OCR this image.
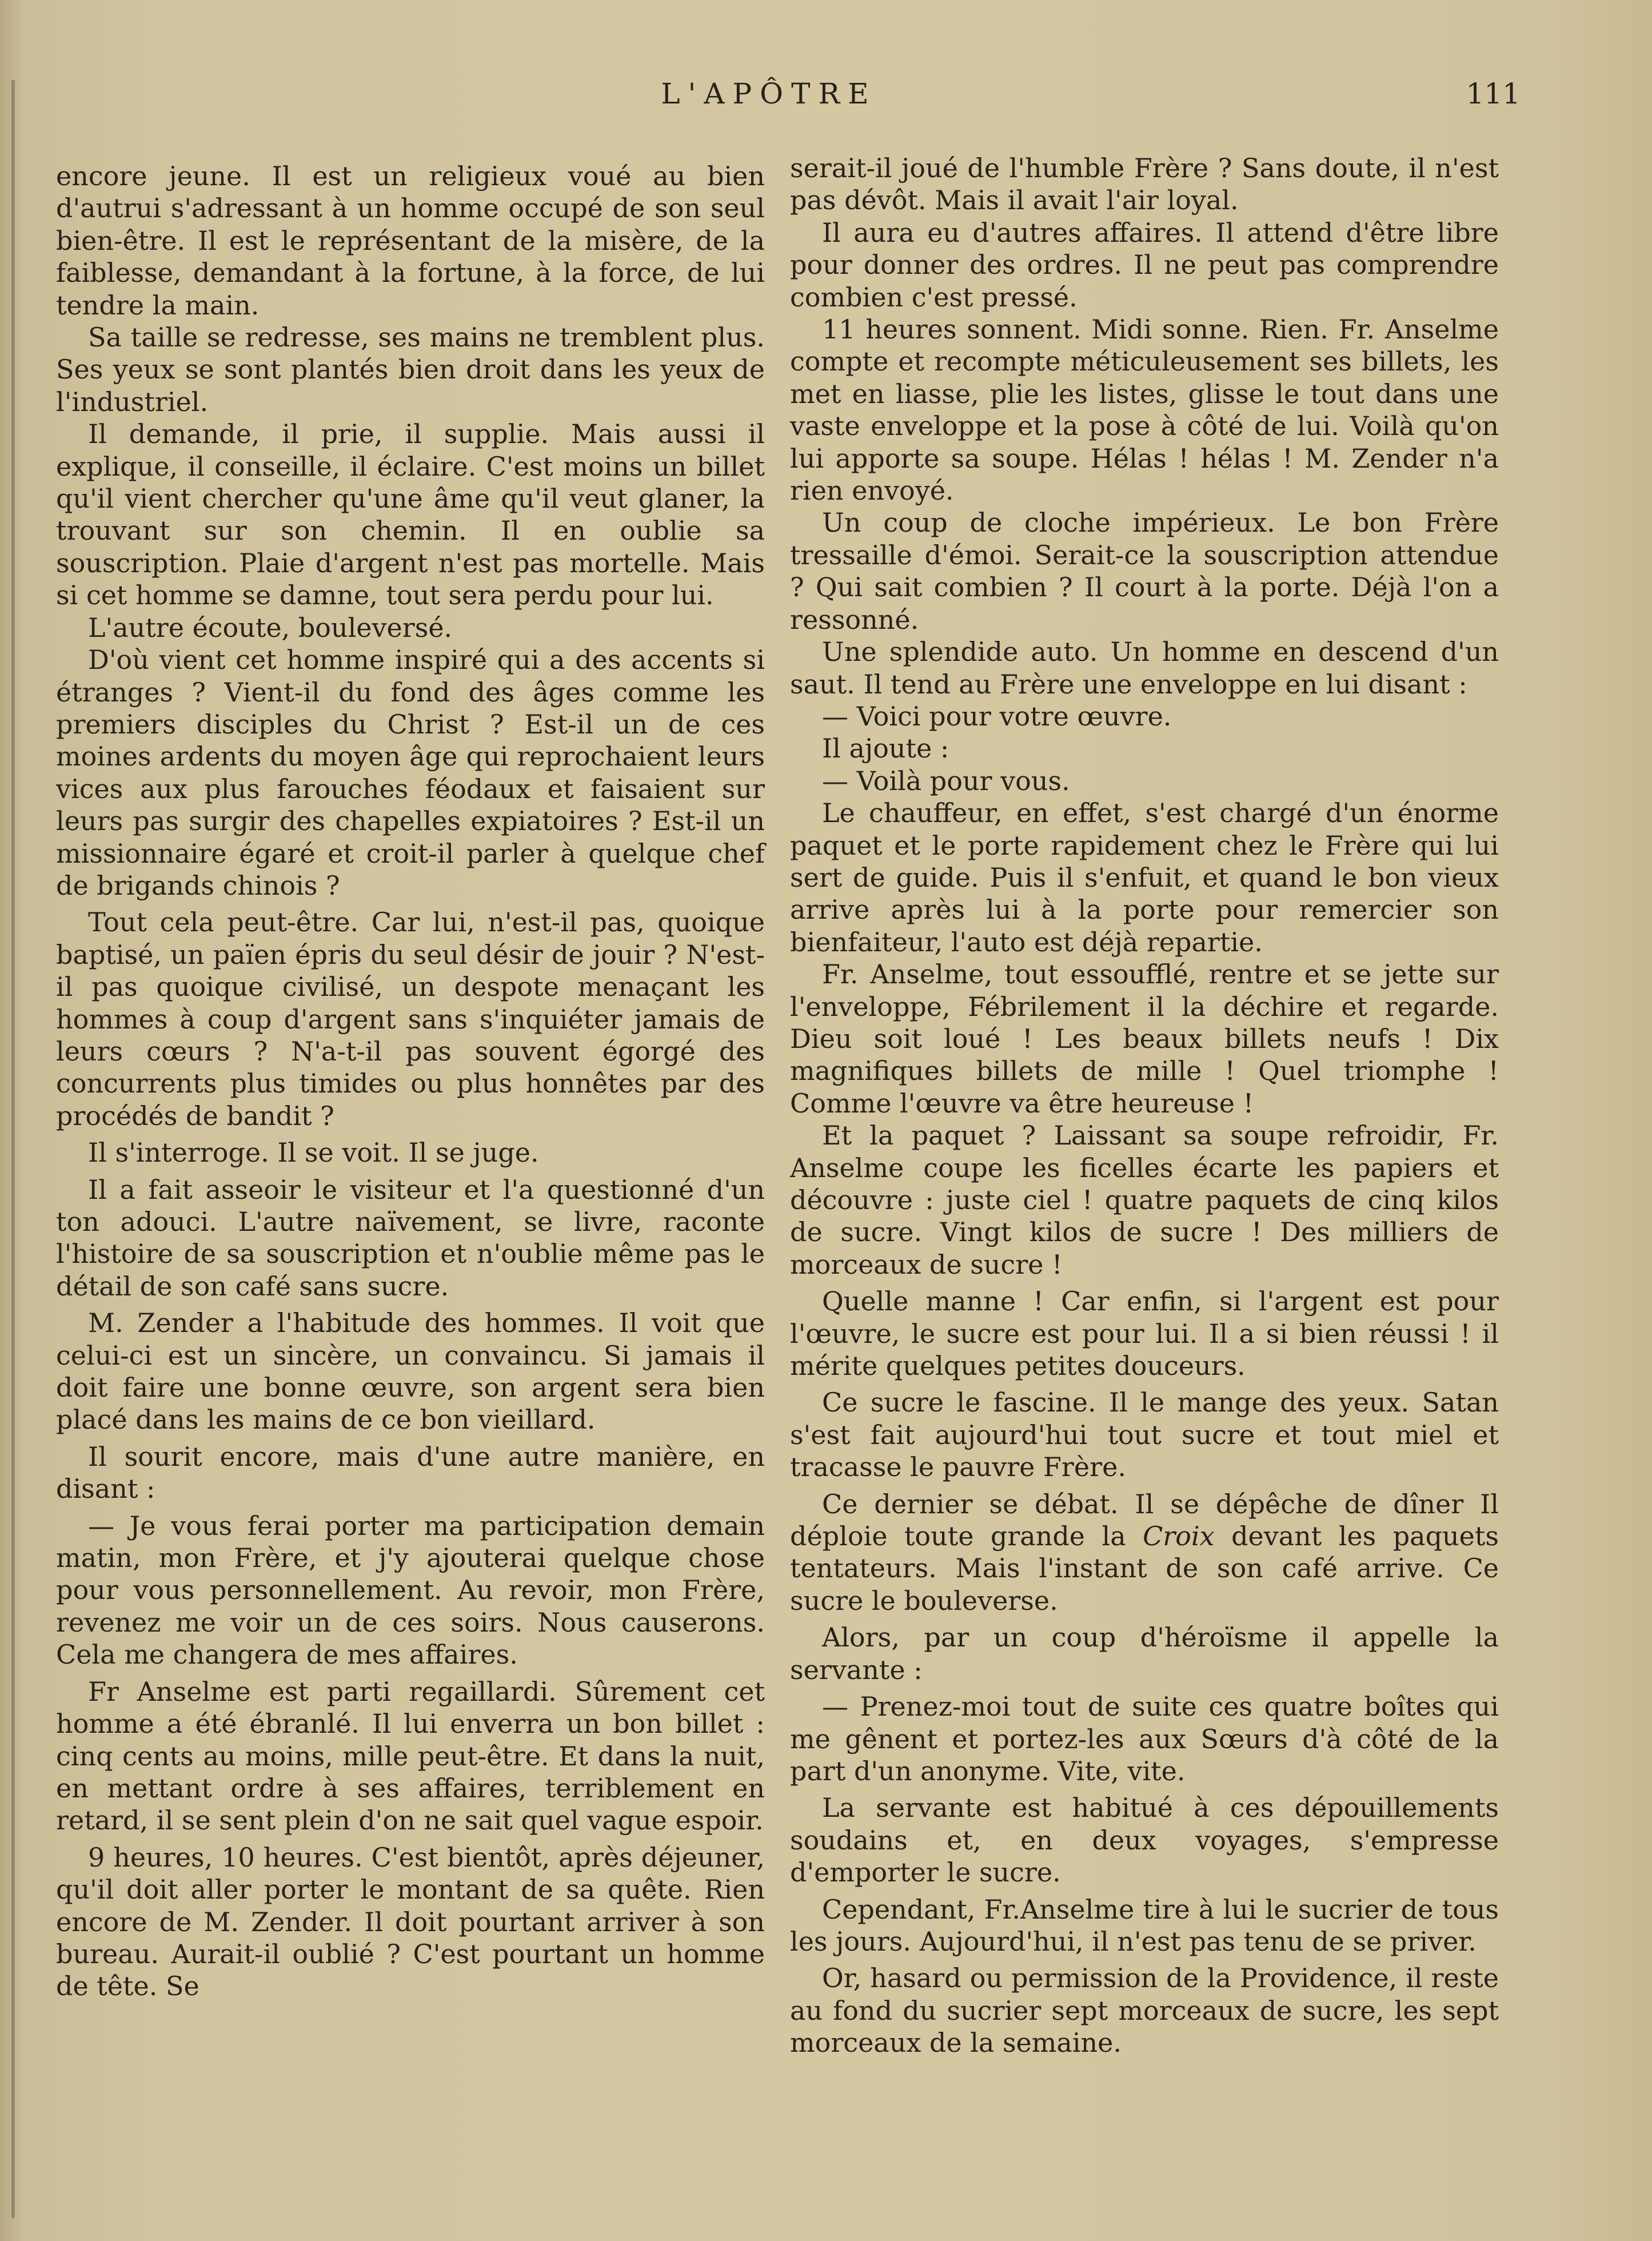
L'APÔTRE	111

encore jeune. Il est un religieux voué au bien d'autrui s'adressant à un homme occupé de son seul bien-être. Il est le représentant de la misère, de la faiblesse, demandant à la fortune, à la force, de lui tendre la main.

Sa taille se redresse, ses mains ne tremblent plus. Ses yeux se sont plantés bien droit dans les yeux de l'industriel.

Il demande, il prie, il supplie. Mais aussi il explique, il conseille, il éclaire. C'est moins un billet qu'il vient chercher qu'une âme qu'il veut glaner, la trouvant sur son chemin. Il en oublie sa souscription. Plaie d'argent n'est pas mortelle. Mais si cet homme se damne, tout sera perdu pour lui.

L'autre écoute, bouleversé.

D'où vient cet homme inspiré qui a des accents si étranges ? Vient-il du fond des âges comme les premiers disciples du Christ ? Est-il un de ces moines ardents du moyen âge qui reprochaient leurs vices aux plus farouches féodaux et faisaient sur leurs pas surgir des chapelles expiatoires ? Est-il un missionnaire égaré et croit-il parler à quelque chef de brigands chinois ?

Tout cela peut-être. Car lui, n'est-il pas, quoique baptisé, un païen épris du seul désir de jouir ? N'est-il pas quoique civilisé, un despote menaçant les hommes à coup d'argent sans s'inquiéter jamais de leurs cœurs ? N'a-t-il pas souvent égorgé des concurrents plus timides ou plus honnêtes par des procédés de bandit ?

Il s'interroge. Il se voit. Il se juge.

Il a fait asseoir le visiteur et l'a questionné d'un ton adouci. L'autre naïvement, se livre, raconte l'histoire de sa souscription et n'oublie même pas le détail de son café sans sucre.

M. Zender a l'habitude des hommes. Il voit que celui-ci est un sincère, un convaincu. Si jamais il doit faire une bonne œuvre, son argent sera bien placé dans les mains de ce bon vieillard.

Il sourit encore, mais d'une autre manière, en disant :

— Je vous ferai porter ma participation demain matin, mon Frère, et j'y ajouterai quelque chose pour vous personnellement. Au revoir, mon Frère, revenez me voir un de ces soirs. Nous causerons. Cela me changera de mes affaires.

Fr Anselme est parti regaillardi. Sûrement cet homme a été ébranlé. Il lui enverra un bon billet : cinq cents au moins, mille peut-être. Et dans la nuit, en mettant ordre à ses affaires, terriblement en retard, il se sent plein d'on ne sait quel vague espoir.

9 heures, 10 heures. C'est bientôt, après déjeuner, qu'il doit aller porter le montant de sa quête. Rien encore de M. Zender. Il doit pourtant arriver à son bureau. Aurait-il oublié ? C'est pourtant un homme de tête. Se

serait-il joué de l'humble Frère ? Sans doute, il n'est pas dévôt. Mais il avait l'air loyal.

Il aura eu d'autres affaires. Il attend d'être libre pour donner des ordres. Il ne peut pas comprendre combien c'est pressé.

11 heures sonnent. Midi sonne. Rien. Fr. Anselme compte et recompte méticuleusement ses billets, les met en liasse, plie les listes, glisse le tout dans une vaste enveloppe et la pose à côté de lui. Voilà qu'on lui apporte sa soupe. Hélas ! hélas ! M. Zender n'a rien envoyé.

Un coup de cloche impérieux. Le bon Frère tressaille d'émoi. Serait-ce la souscription attendue ? Qui sait combien ? Il court à la porte. Déjà l'on a ressonné.

Une splendide auto. Un homme en descend d'un saut. Il tend au Frère une enveloppe en lui disant :

— Voici pour votre œuvre.

Il ajoute :

— Voilà pour vous.

Le chauffeur, en effet, s'est chargé d'un énorme paquet et le porte rapidement chez le Frère qui lui sert de guide. Puis il s'enfuit, et quand le bon vieux arrive après lui à la porte pour remercier son bienfaiteur, l'auto est déjà repartie.

Fr. Anselme, tout essoufflé, rentre et se jette sur l'enveloppe, Fébrilement il la déchire et regarde. Dieu soit loué ! Les beaux billets neufs ! Dix magnifiques billets de mille ! Quel triomphe ! Comme l'œuvre va être heureuse !

Et la paquet ? Laissant sa soupe refroidir, Fr. Anselme coupe les ficelles écarte les papiers et découvre : juste ciel ! quatre paquets de cinq kilos de sucre. Vingt kilos de sucre ! Des milliers de morceaux de sucre !

Quelle manne ! Car enfin, si l'argent est pour l'œuvre, le sucre est pour lui. Il a si bien réussi ! il mérite quelques petites douceurs.

Ce sucre le fascine. Il le mange des yeux. Satan s'est fait aujourd'hui tout sucre et tout miel et tracasse le pauvre Frère.

Ce dernier se débat. Il se dépêche de dîner Il déploie toute grande la Croix devant les paquets tentateurs. Mais l'instant de son café arrive. Ce sucre le bouleverse.

Alors, par un coup d'héroïsme il appelle la servante :

— Prenez-moi tout de suite ces quatre boîtes qui me gênent et portez-les aux Sœurs d'à côté de la part d'un anonyme. Vite, vite.

La servante est habitué à ces dépouillements soudains et, en deux voyages, s'empresse d'emporter le sucre.

Cependant, Fr.Anselme tire à lui le sucrier de tous les jours. Aujourd'hui, il n'est pas tenu de se priver.

Or, hasard ou permission de la Providence, il reste au fond du sucrier sept morceaux de sucre, les sept morceaux de la semaine.
